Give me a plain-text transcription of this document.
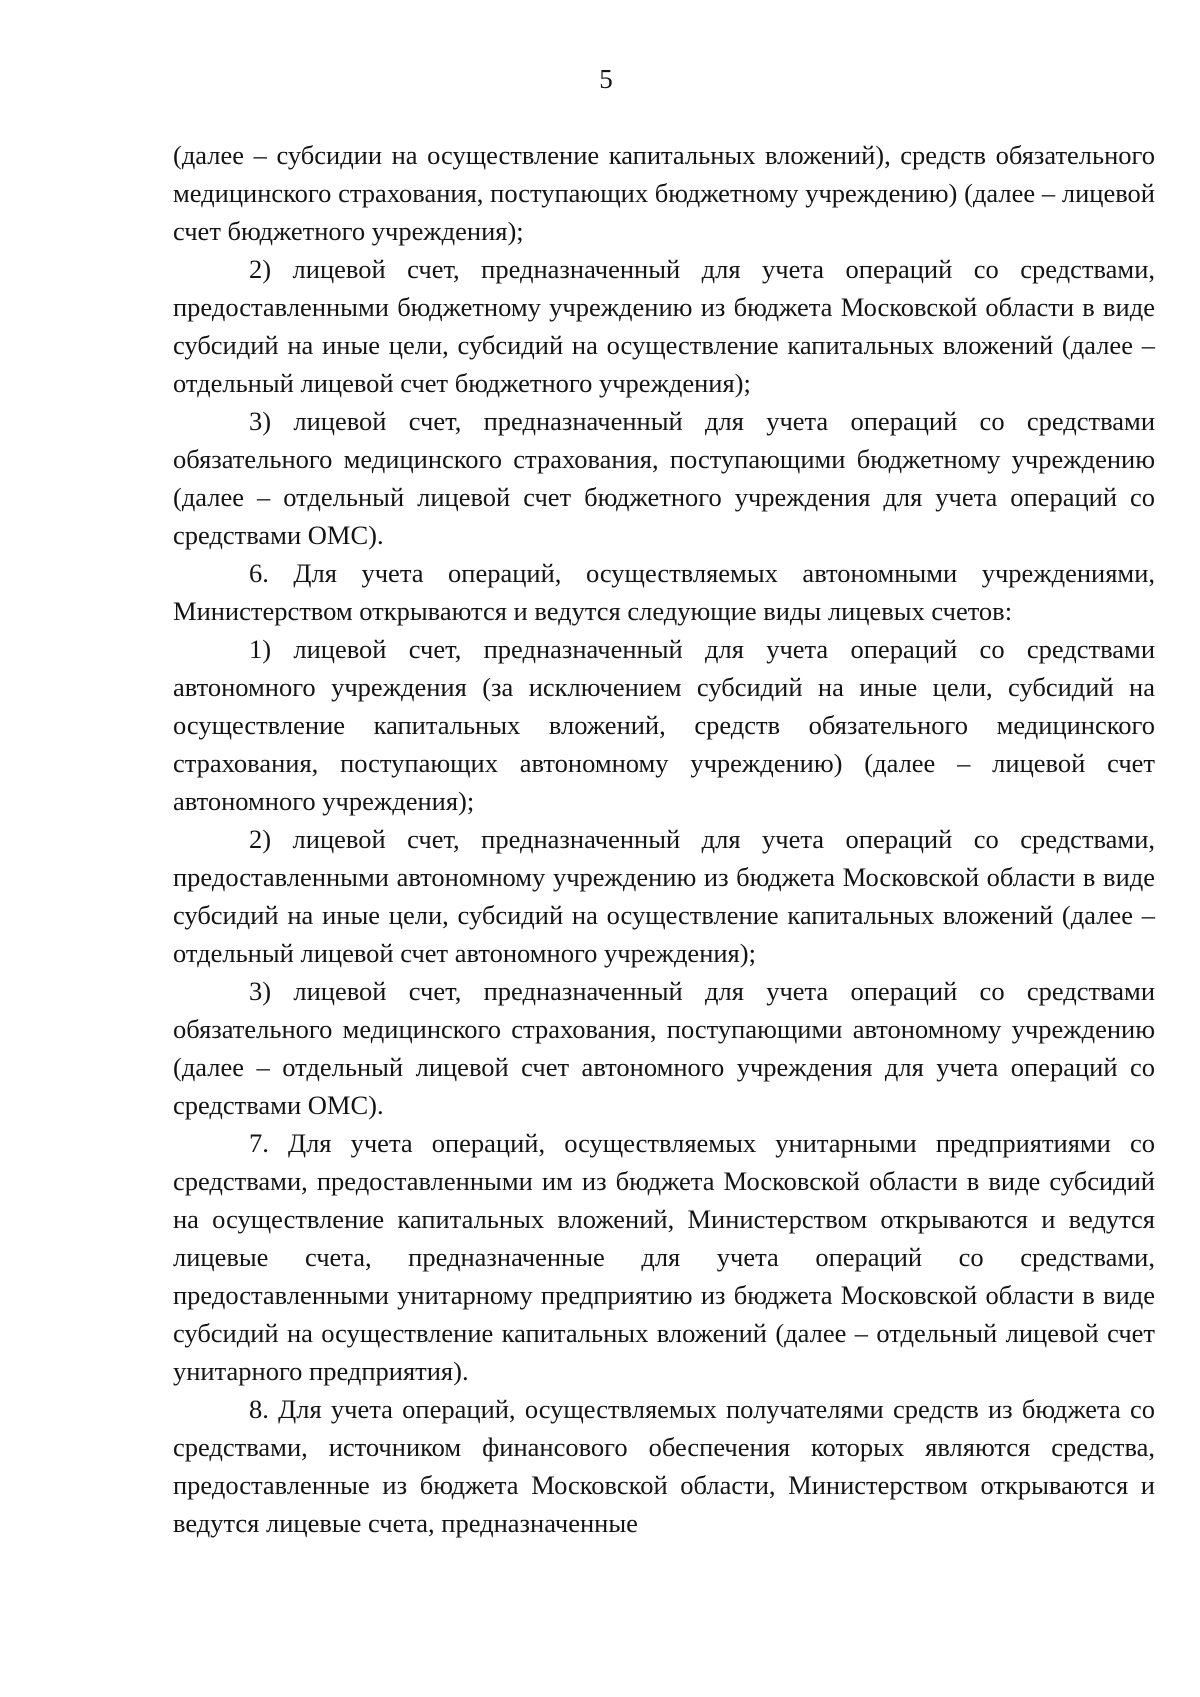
5

(далее – субсидии на осуществление капитальных вложений), средств обязательного медицинского страхования, поступающих бюджетному учреждению) (далее – лицевой счет бюджетного учреждения);

2) лицевой счет, предназначенный для учета операций со средствами, предоставленными бюджетному учреждению из бюджета Московской области в виде субсидий на иные цели, субсидий на осуществление капитальных вложений (далее – отдельный лицевой счет бюджетного учреждения);

3) лицевой счет, предназначенный для учета операций со средствами обязательного медицинского страхования, поступающими бюджетному учреждению (далее – отдельный лицевой счет бюджетного учреждения для учета операций со средствами ОМС).

6. Для учета операций, осуществляемых автономными учреждениями, Министерством открываются и ведутся следующие виды лицевых счетов:

1) лицевой счет, предназначенный для учета операций со средствами автономного учреждения (за исключением субсидий на иные цели, субсидий на осуществление капитальных вложений, средств обязательного медицинского страхования, поступающих автономному учреждению) (далее – лицевой счет автономного учреждения);

2) лицевой счет, предназначенный для учета операций со средствами, предоставленными автономному учреждению из бюджета Московской области в виде субсидий на иные цели, субсидий на осуществление капитальных вложений (далее – отдельный лицевой счет автономного учреждения);

3) лицевой счет, предназначенный для учета операций со средствами обязательного медицинского страхования, поступающими автономному учреждению (далее – отдельный лицевой счет автономного учреждения для учета операций со средствами ОМС).

7. Для учета операций, осуществляемых унитарными предприятиями со средствами, предоставленными им из бюджета Московской области в виде субсидий на осуществление капитальных вложений, Министерством открываются и ведутся лицевые счета, предназначенные для учета операций со средствами, предоставленными унитарному предприятию из бюджета Московской области в виде субсидий на осуществление капитальных вложений (далее – отдельный лицевой счет унитарного предприятия).

8. Для учета операций, осуществляемых получателями средств из бюджета со средствами, источником финансового обеспечения которых являются средства, предоставленные из бюджета Московской области, Министерством открываются и ведутся лицевые счета, предназначенные
